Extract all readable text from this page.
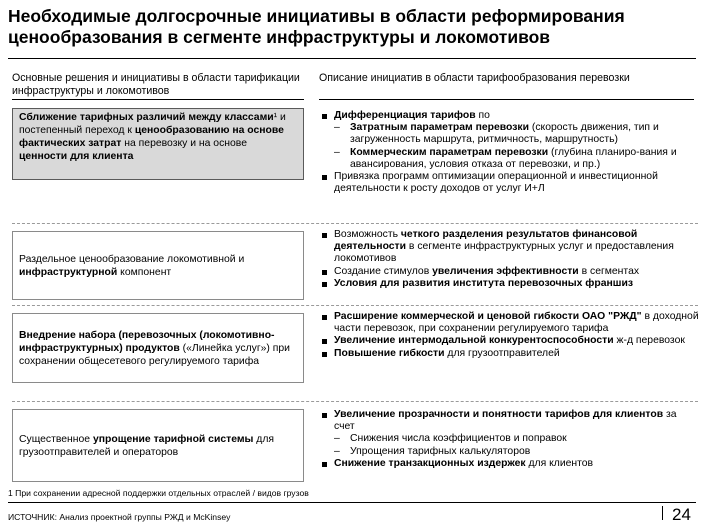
Необходимые долгосрочные инициативы в области реформирования ценообразования в сегменте инфраструктуры и локомотивов
Основные решения и инициативы в области тарификации инфраструктуры и локомотивов
Описание инициатив в области тарифообразования перевозки
Сближение тарифных различий между классами¹ и постепенный переход к ценообразованию на основе фактических затрат на перевозку и на основе ценности для клиента
Дифференциация тарифов по
– Затратным параметрам перевозки (скорость движения, тип и загруженность маршрута, ритмичность, маршрутность)
– Коммерческим параметрам перевозки (глубина планиро-вания и авансирования, условия отказа от перевозки, и пр.)
Привязка программ оптимизации операционной и инвестиционной деятельности к росту доходов от услуг И+Л
Раздельное ценообразование локомотивной и инфраструктурной компонент
Возможность четкого разделения результатов финансовой деятельности в сегменте инфраструктурных услуг и предоставления локомотивов
Создание стимулов увеличения эффективности в сегментах
Условия для развития института перевозочных франшиз
Внедрение набора (перевозочных (локомотивно-инфраструктурных) продуктов («Линейка услуг») при сохранении общесетевого регулируемого тарифа
Расширение коммерческой и ценовой гибкости ОАО "РЖД" в доходной части перевозок, при сохранении регулируемого тарифа
Увеличение интермодальной конкурентоспособности ж-д перевозок
Повышение гибкости для грузоотправителей
Существенное упрощение тарифной системы для грузоотправителей и операторов
Увеличение прозрачности и понятности тарифов для клиентов за счет
– Снижения числа коэффициентов и поправок
– Упрощения тарифных калькуляторов
Снижение транзакционных издержек для клиентов
1 При сохранении адресной поддержки отдельных отраслей / видов грузов
ИСТОЧНИК: Анализ проектной группы РЖД и McKinsey	24
